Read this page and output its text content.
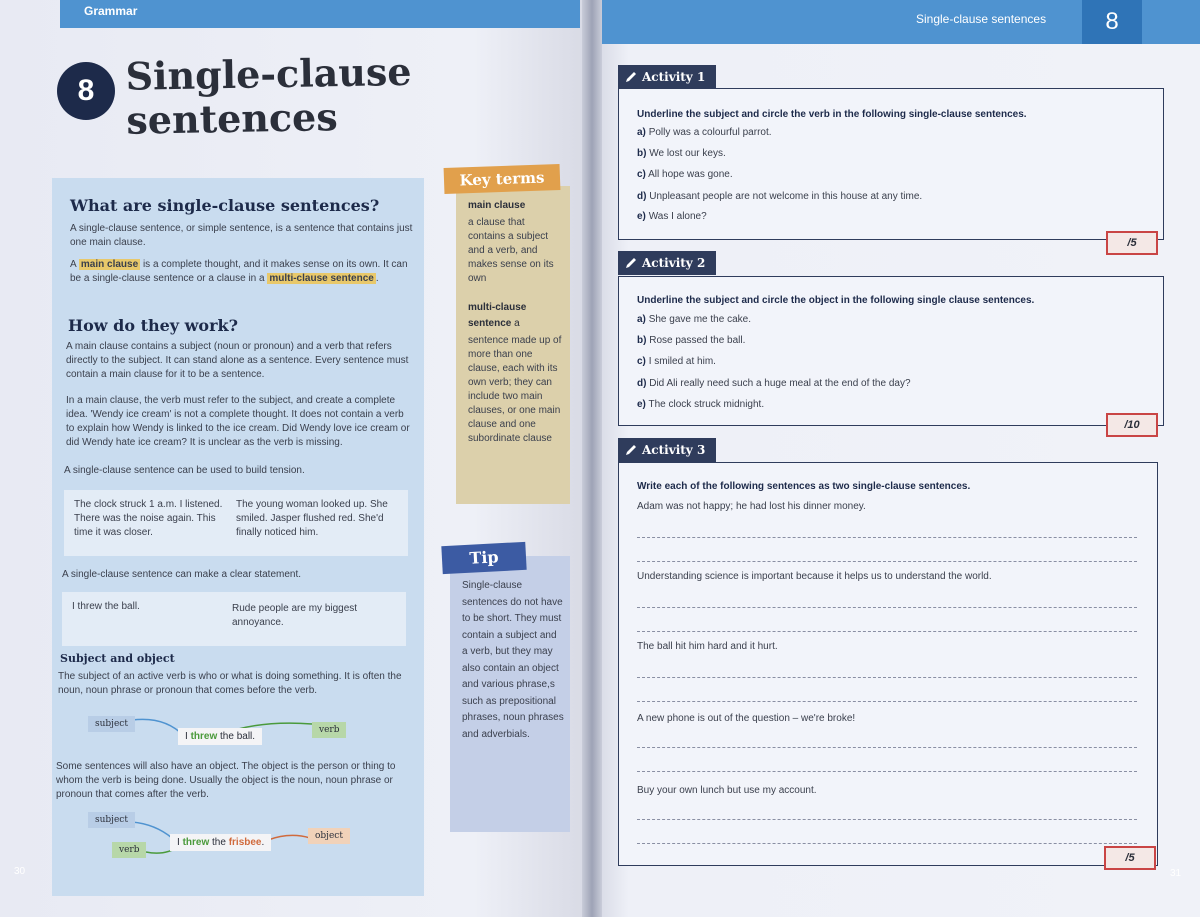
Grammar
8 Single-clause
sentences
What are single-clause sentences?
A single-clause sentence, or simple sentence, is a sentence that contains just one main clause.
A main clause is a complete thought, and it makes sense on its own. It can be a single-clause sentence or a clause in a multi-clause sentence .
How do they work?
A main clause contains a subject (noun or pronoun) and a verb that refers directly to the subject. It can stand alone as a sentence. Every sentence must contain a main clause for it to be a sentence.
In a main clause, the verb must refer to the subject, and create a complete idea. 'Wendy ice cream' is not a complete thought. It does not contain a verb to explain how Wendy is linked to the ice cream. Did Wendy love ice cream or did Wendy hate ice cream? It is unclear as the verb is missing.
A single-clause sentence can be used to build tension.
The clock struck 1 a.m. I listened. There was the noise again. This time it was closer.
The young woman looked up. She smiled. Jasper flushed red. She'd finally noticed him.
A single-clause sentence can make a clear statement.
I threw the ball.	Rude people are my biggest annoyance.
Subject and object
The subject of an active verb is who or what is doing something. It is often the noun, noun phrase or pronoun that comes before the verb.
subject
verb
I threw the ball.
Some sentences will also have an object. The object is the person or thing to whom the verb is being done. Usually the object is the noun, noun phrase or pronoun that comes after the verb.
subject
verb
object
I threw the frisbee.
Key terms
main clause
a clause that contains a subject and a verb, and makes sense on its own
multi-clause
sentence a
sentence made up of more than one clause, each with its own verb; they can include two main clauses, or one main clause and one subordinate clause
Tip
Single-clause sentences do not have to be short. They must contain a subject and a verb, but they may also contain an object and various phrase,s such as prepositional phrases, noun phrases and adverbials.
30
Single-clause sentences	8
Underline the subject and circle the verb in the following single-clause sentences.
a) Polly was a colourful parrot.
b) We lost our keys.
c) All hope was gone.
d) Unpleasant people are not welcome in this house at any time.
e) Was I alone?
Activity 1
/5
Underline the subject and circle the object in the following single clause sentences.
a) She gave me the cake.
b) Rose passed the ball.
c) I smiled at him.
d) Did Ali really need such a huge meal at the end of the day?
e) The clock struck midnight.
Activity 2
/10
Write each of the following sentences as two single-clause sentences.
Adam was not happy; he had lost his dinner money.
Understanding science is important because it helps us to understand the world.
The ball hit him hard and it hurt.
A new phone is out of the question – we're broke!
Buy your own lunch but use my account.
Activity 3
/5
31
